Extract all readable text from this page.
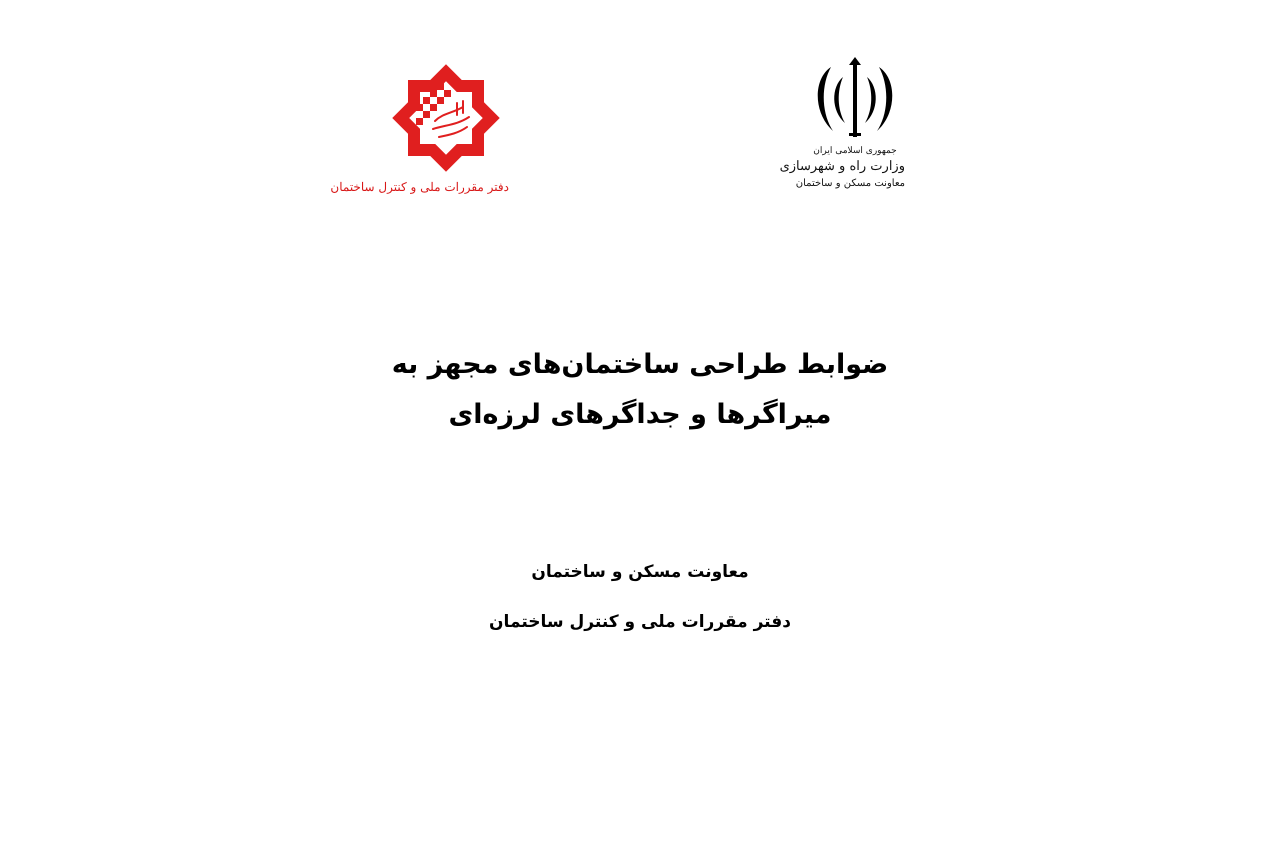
دفتر مقررات ملی و کنترل ساختمان
جمهوری اسلامی ایران
وزارت راه و شهرسازی
معاونت مسکن و ساختمان
ضوابط طراحی ساختمان‌های مجهز به
میراگرها و جداگرهای لرزه‌ای
معاونت مسکن و ساختمان
دفتر مقررات ملی و کنترل ساختمان
